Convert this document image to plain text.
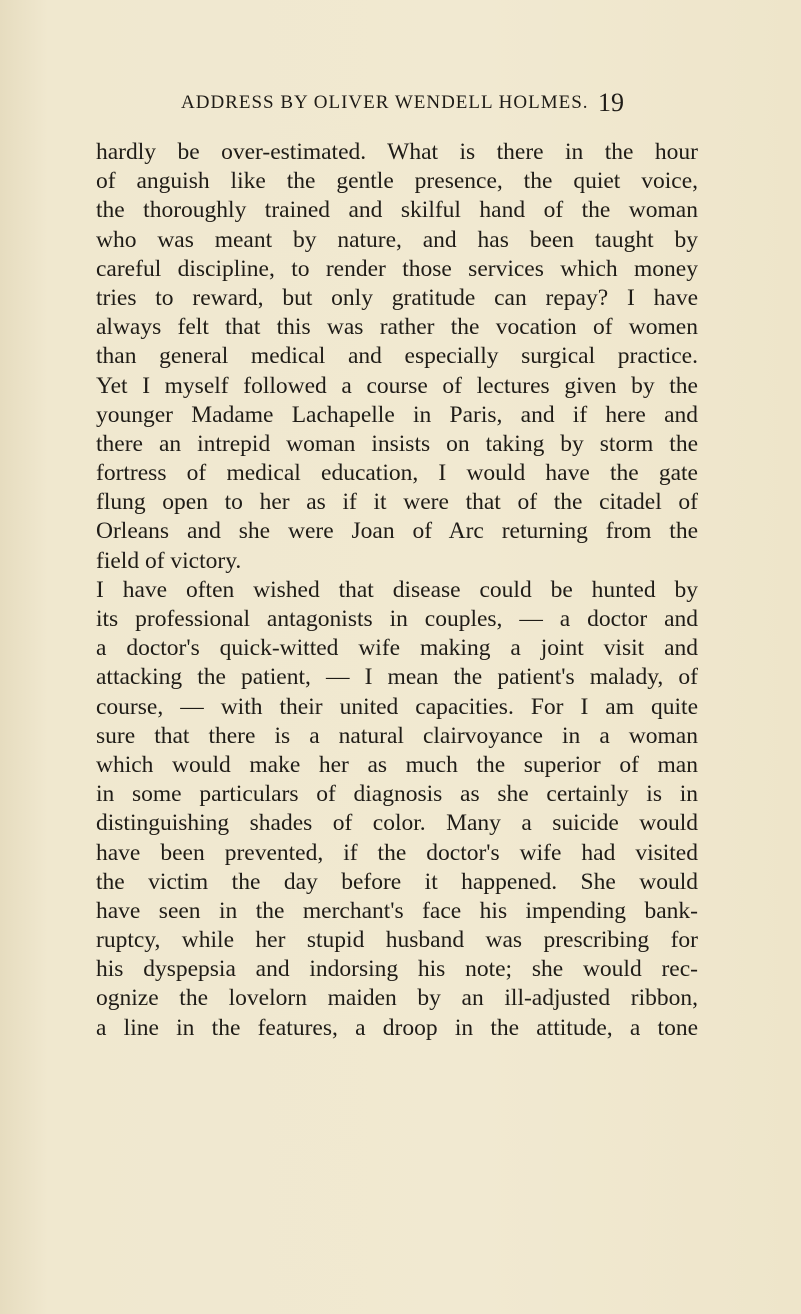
ADDRESS BY OLIVER WENDELL HOLMES. 19
hardly be over-estimated. What is there in the hour
of anguish like the gentle presence, the quiet voice,
the thoroughly trained and skilful hand of the woman
who was meant by nature, and has been taught by
careful discipline, to render those services which money
tries to reward, but only gratitude can repay? I have
always felt that this was rather the vocation of women
than general medical and especially surgical practice.
Yet I myself followed a course of lectures given by the
younger Madame Lachapelle in Paris, and if here and
there an intrepid woman insists on taking by storm the
fortress of medical education, I would have the gate
flung open to her as if it were that of the citadel of
Orleans and she were Joan of Arc returning from the
field of victory.
I have often wished that disease could be hunted by
its professional antagonists in couples, — a doctor and
a doctor's quick-witted wife making a joint visit and
attacking the patient, — I mean the patient's malady, of
course, — with their united capacities. For I am quite
sure that there is a natural clairvoyance in a woman
which would make her as much the superior of man
in some particulars of diagnosis as she certainly is in
distinguishing shades of color. Many a suicide would
have been prevented, if the doctor's wife had visited
the victim the day before it happened. She would
have seen in the merchant's face his impending bank-
ruptcy, while her stupid husband was prescribing for
his dyspepsia and indorsing his note; she would rec-
ognize the lovelorn maiden by an ill-adjusted ribbon,
a line in the features, a droop in the attitude, a tone
